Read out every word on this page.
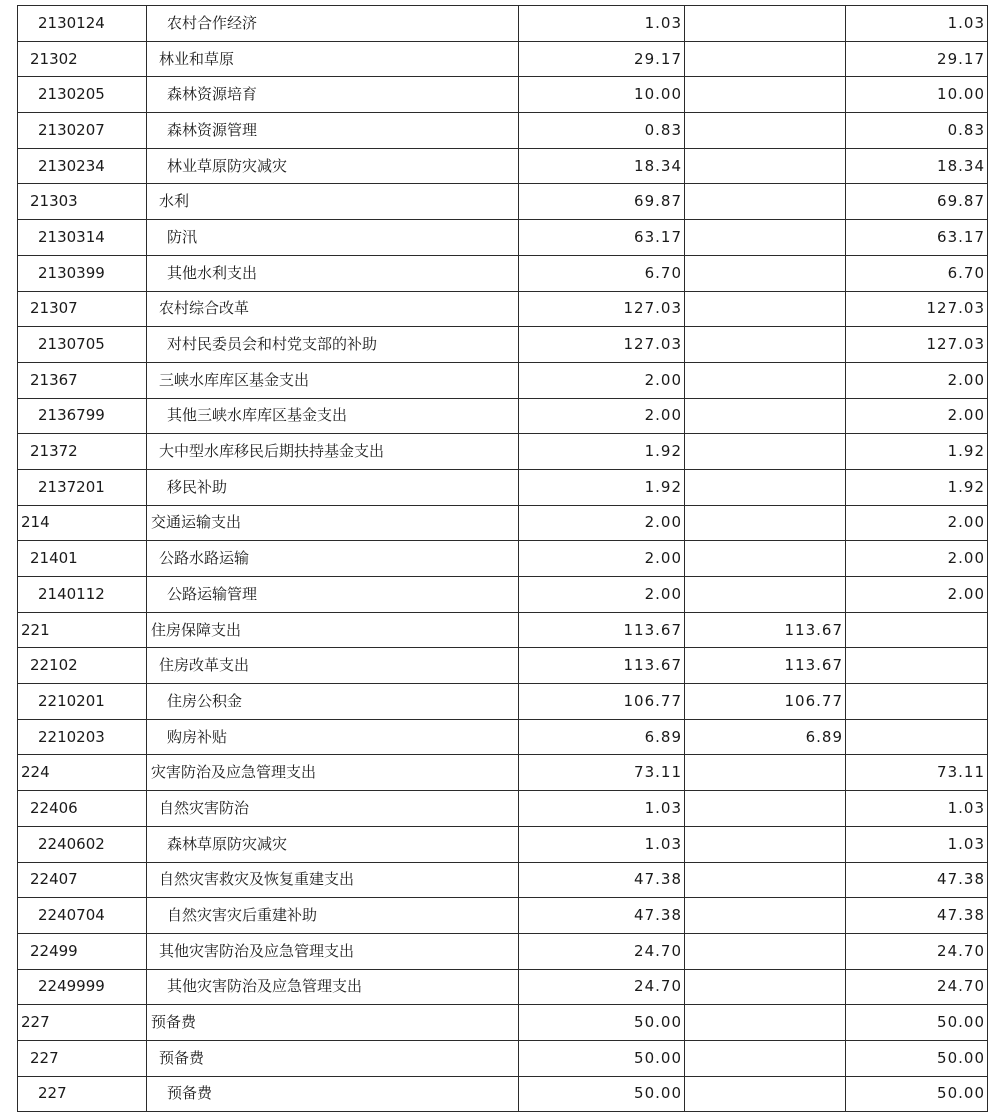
2130124	农村合作经济	1.03		1.03
21302	林业和草原	29.17		29.17
2130205	森林资源培育	10.00		10.00
2130207	森林资源管理	0.83		0.83
2130234	林业草原防灾减灾	18.34		18.34
21303	水利	69.87		69.87
2130314	防汛	63.17		63.17
2130399	其他水利支出	6.70		6.70
21307	农村综合改革	127.03		127.03
2130705	对村民委员会和村党支部的补助	127.03		127.03
21367	三峡水库库区基金支出	2.00		2.00
2136799	其他三峡水库库区基金支出	2.00		2.00
21372	大中型水库移民后期扶持基金支出	1.92		1.92
2137201	移民补助	1.92		1.92
214	交通运输支出	2.00		2.00
21401	公路水路运输	2.00		2.00
2140112	公路运输管理	2.00		2.00
221	住房保障支出	113.67	113.67	
22102	住房改革支出	113.67	113.67	
2210201	住房公积金	106.77	106.77	
2210203	购房补贴	6.89	6.89	
224	灾害防治及应急管理支出	73.11		73.11
22406	自然灾害防治	1.03		1.03
2240602	森林草原防灾减灾	1.03		1.03
22407	自然灾害救灾及恢复重建支出	47.38		47.38
2240704	自然灾害灾后重建补助	47.38		47.38
22499	其他灾害防治及应急管理支出	24.70		24.70
2249999	其他灾害防治及应急管理支出	24.70		24.70
227	预备费	50.00		50.00
227	预备费	50.00		50.00
227	预备费	50.00		50.00
